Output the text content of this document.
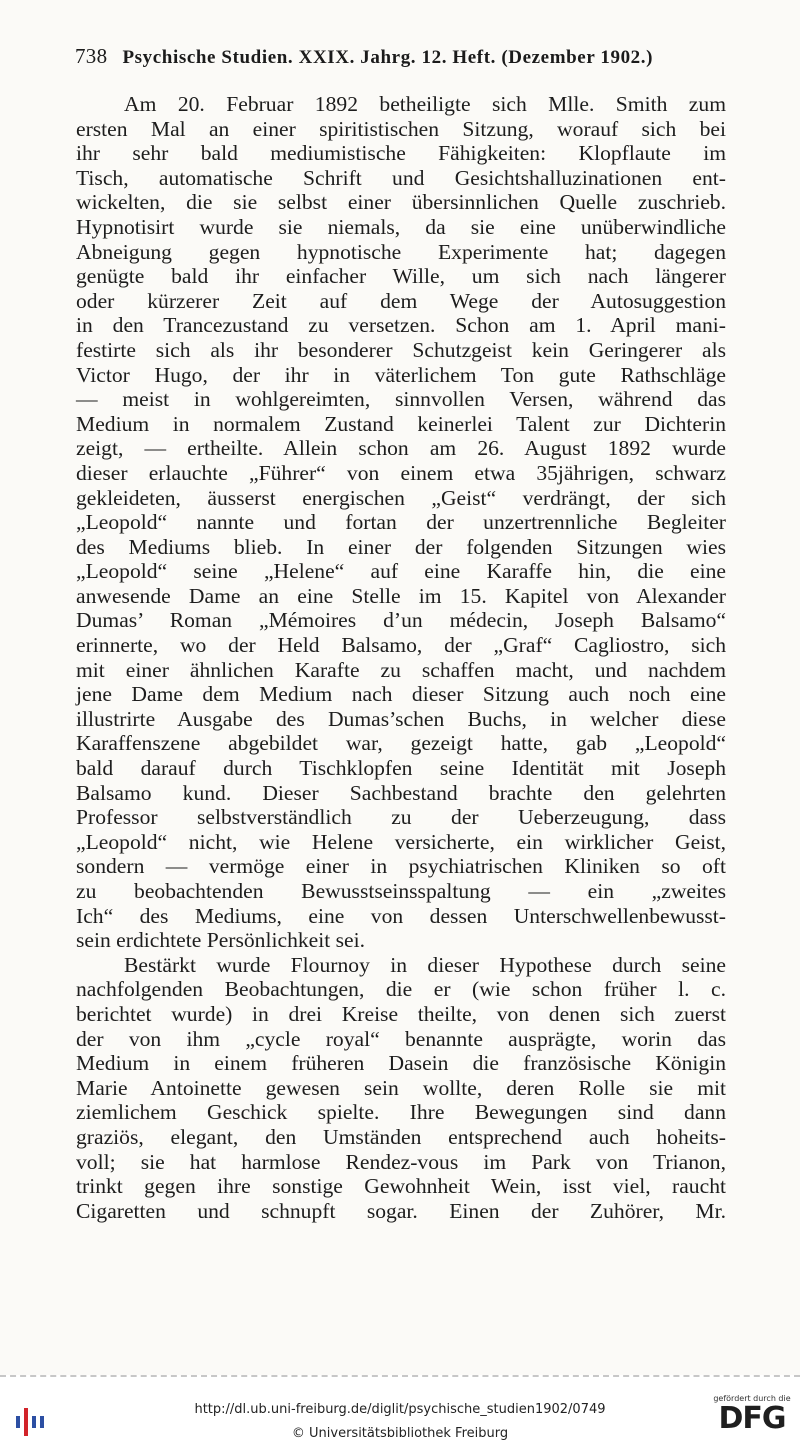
738 Psychische Studien. XXIX. Jahrg. 12. Heft. (Dezember 1902.)
Am 20. Februar 1892 betheiligte sich Mlle. Smith zum
ersten Mal an einer spiritistischen Sitzung, worauf sich bei
ihr sehr bald mediumistische Fähigkeiten: Klopflaute im
Tisch, automatische Schrift und Gesichtshalluzinationen ent-
wickelten, die sie selbst einer übersinnlichen Quelle zuschrieb.
Hypnotisirt wurde sie niemals, da sie eine unüberwindliche
Abneigung gegen hypnotische Experimente hat; dagegen
genügte bald ihr einfacher Wille, um sich nach längerer
oder kürzerer Zeit auf dem Wege der Autosuggestion
in den Trancezustand zu versetzen. Schon am 1. April mani-
festirte sich als ihr besonderer Schutzgeist kein Geringerer als
Victor Hugo, der ihr in väterlichem Ton gute Rathschläge
— meist in wohlgereimten, sinnvollen Versen, während das
Medium in normalem Zustand keinerlei Talent zur Dichterin
zeigt, — ertheilte. Allein schon am 26. August 1892 wurde
dieser erlauchte „Führer“ von einem etwa 35jährigen, schwarz
gekleideten, äusserst energischen „Geist“ verdrängt, der sich
„Leopold“ nannte und fortan der unzertrennliche Begleiter
des Mediums blieb. In einer der folgenden Sitzungen wies
„Leopold“ seine „Helene“ auf eine Karaffe hin, die eine
anwesende Dame an eine Stelle im 15. Kapitel von Alexander
Dumas’ Roman „Mémoires d’un médecin, Joseph Balsamo“
erinnerte, wo der Held Balsamo, der „Graf“ Cagliostro, sich
mit einer ähnlichen Karafte zu schaffen macht, und nachdem
jene Dame dem Medium nach dieser Sitzung auch noch eine
illustrirte Ausgabe des Dumas’schen Buchs, in welcher diese
Karaffenszene abgebildet war, gezeigt hatte, gab „Leopold“
bald darauf durch Tischklopfen seine Identität mit Joseph
Balsamo kund. Dieser Sachbestand brachte den gelehrten
Professor selbstverständlich zu der Ueberzeugung, dass
„Leopold“ nicht, wie Helene versicherte, ein wirklicher Geist,
sondern — vermöge einer in psychiatrischen Kliniken so oft
zu beobachtenden Bewusstseinsspaltung — ein „zweites
Ich“ des Mediums, eine von dessen Unterschwellenbewusst-
sein erdichtete Persönlichkeit sei.
Bestärkt wurde Flournoy in dieser Hypothese durch seine
nachfolgenden Beobachtungen, die er (wie schon früher l. c.
berichtet wurde) in drei Kreise theilte, von denen sich zuerst
der von ihm „cycle royal“ benannte ausprägte, worin das
Medium in einem früheren Dasein die französische Königin
Marie Antoinette gewesen sein wollte, deren Rolle sie mit
ziemlichem Geschick spielte. Ihre Bewegungen sind dann
graziös, elegant, den Umständen entsprechend auch hoheits-
voll; sie hat harmlose Rendez-vous im Park von Trianon,
trinkt gegen ihre sonstige Gewohnheit Wein, isst viel, raucht
Cigaretten und schnupft sogar. Einen der Zuhörer, Mr.
http://dl.ub.uni-freiburg.de/diglit/psychische_studien1902/0749
© Universitätsbibliothek Freiburg
gefördert durch die
DFG
